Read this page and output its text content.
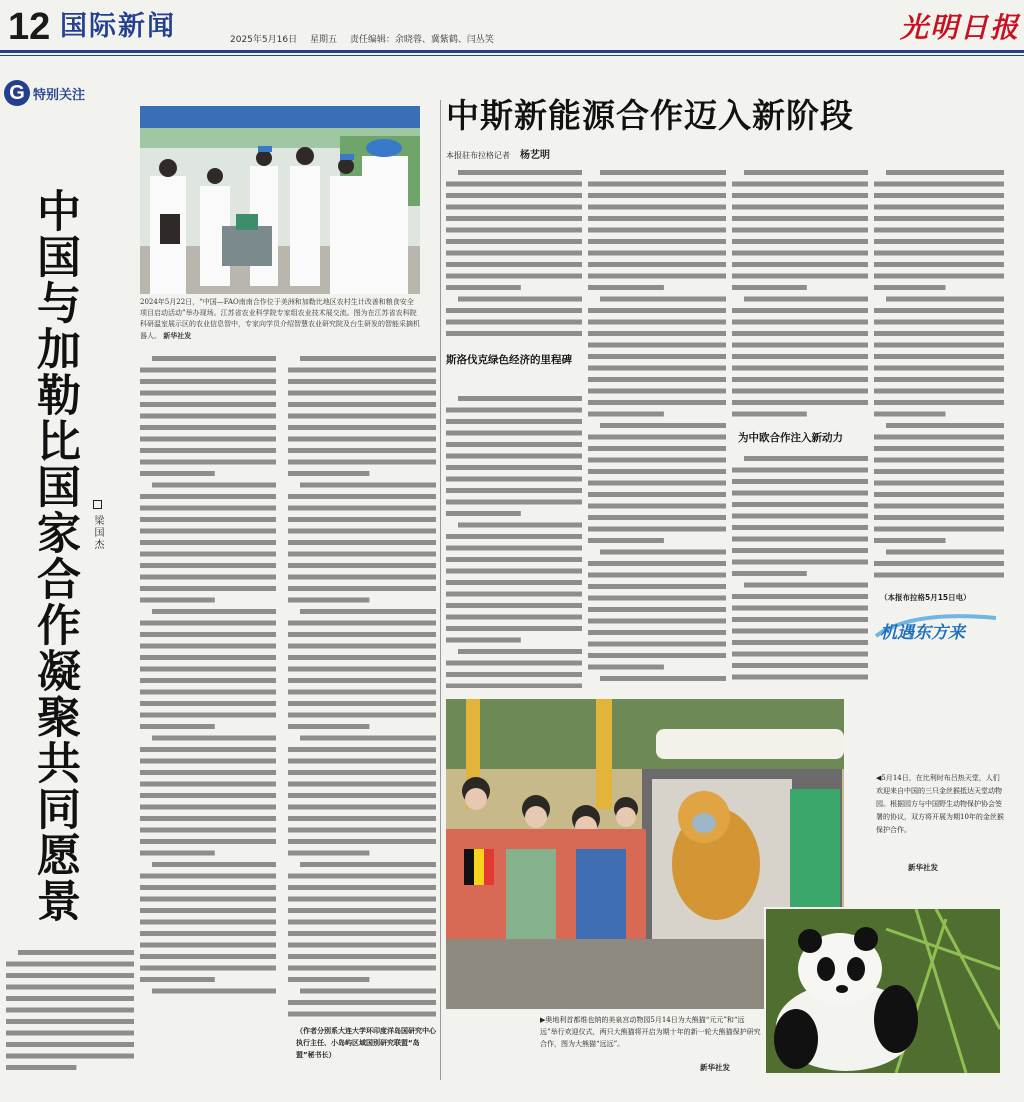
12 国际新闻	2025年5月16日 星期五 责任编辑：余晓蓉、冀紫鹤、闫丛笑	光明日报
G 特别关注
中国与加勒比国家合作凝聚共同愿景 梁国杰
2024年5月22日，“中国—FAO南南合作位于美洲和加勒比地区农村生计改善和粮食安全项目启动活动”举办现场。江苏省农业科学院专家组农业技术展交流。图为在江苏省农科院科研温室展示区的农业信息智中，专家向学员介绍智慧农业研究院及台生研发的智能采摘机器人。 新华社发
（作者分别系大连大学环印度洋岛国研究中心执行主任、小岛屿区域国别研究联盟“岛盟”秘书长）
中斯新能源合作迈入新阶段
本报驻布拉格记者 杨艺明
斯洛伐克绿色经济的里程碑
为中欧合作注入新动力
（本报布拉格5月15日电）
机遇东方来
◀5月14日，在比利时布吕热天堂，人们欢迎来自中国的三只金丝猴抵达天堂动物园。根据园方与中国野生动物保护协会签署的协议，双方将开展为期10年的金丝猴保护合作。
新华社发
▶奥地利首都维也纳的美泉宫动物园5月14日为大熊猫“元元”和“远远”举行欢迎仪式，两只大熊猫将开启为期十年的新一轮大熊猫保护研究合作，图为大熊猫“远远”。
新华社发
